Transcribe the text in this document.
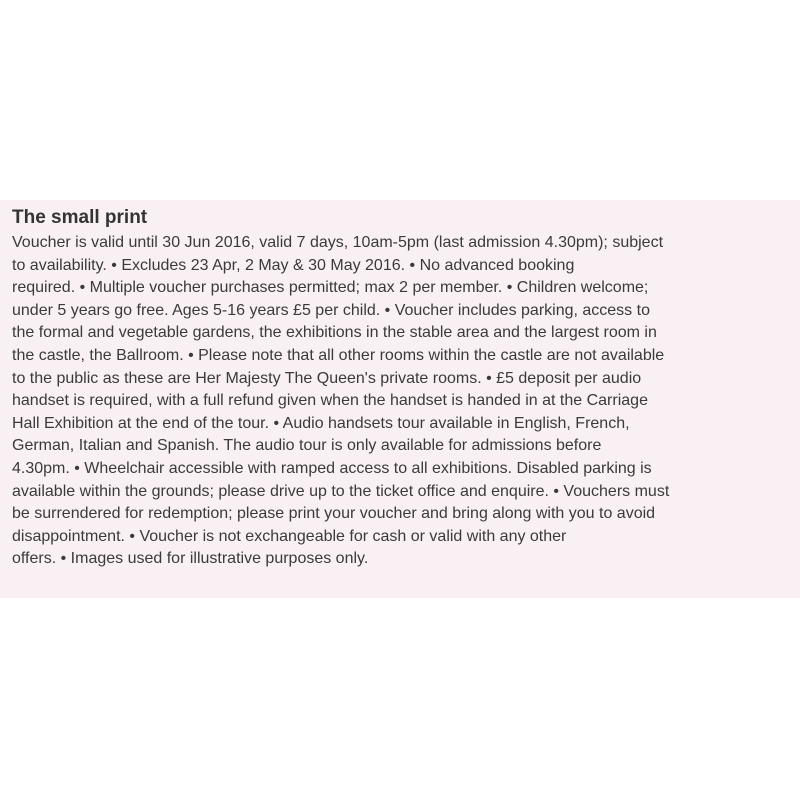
The small print

Voucher is valid until 30 Jun 2016, valid 7 days, 10am-5pm (last admission 4.30pm); subject
to availability. • Excludes 23 Apr, 2 May & 30 May 2016. • No advanced booking
required. • Multiple voucher purchases permitted; max 2 per member. • Children welcome;
under 5 years go free. Ages 5-16 years £5 per child. • Voucher includes parking, access to
the formal and vegetable gardens, the exhibitions in the stable area and the largest room in
the castle, the Ballroom. • Please note that all other rooms within the castle are not available
to the public as these are Her Majesty The Queen's private rooms. • £5 deposit per audio
handset is required, with a full refund given when the handset is handed in at the Carriage
Hall Exhibition at the end of the tour. • Audio handsets tour available in English, French,
German, Italian and Spanish. The audio tour is only available for admissions before
4.30pm. • Wheelchair accessible with ramped access to all exhibitions. Disabled parking is
available within the grounds; please drive up to the ticket office and enquire. • Vouchers must
be surrendered for redemption; please print your voucher and bring along with you to avoid
disappointment. • Voucher is not exchangeable for cash or valid with any other
offers. • Images used for illustrative purposes only.
